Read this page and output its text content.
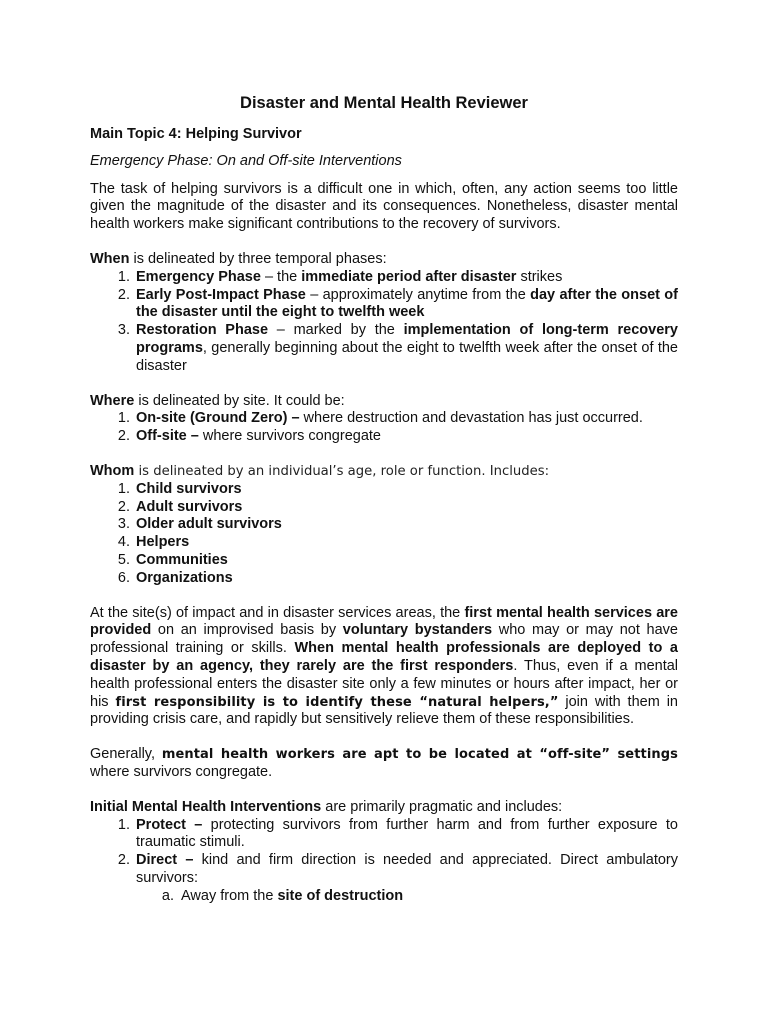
Disaster and Mental Health Reviewer
Main Topic 4: Helping Survivor
Emergency Phase: On and Off-site Interventions

The task of helping survivors is a difficult one in which, often, any action seems too little given the magnitude of the disaster and its consequences. Nonetheless, disaster mental health workers make significant contributions to the recovery of survivors.

When is delineated by three temporal phases:

1. Emergency Phase – the immediate period after disaster strikes
2. Early Post-Impact Phase – approximately anytime from the day after the onset of the disaster until the eight to twelfth week
3. Restoration Phase – marked by the implementation of long-term recovery programs, generally beginning about the eight to twelfth week after the onset of the disaster

Where is delineated by site. It could be:

1. On-site (Ground Zero) – where destruction and devastation has just occurred.
2. Off-site – where survivors congregate

Whom is delineated by an individual’s age, role or function. Includes:

1. Child survivors
2. Adult survivors
3. Older adult survivors
4. Helpers
5. Communities
6. Organizations

At the site(s) of impact and in disaster services areas, the first mental health services are provided on an improvised basis by voluntary bystanders who may or may not have professional training or skills. When mental health professionals are deployed to a disaster by an agency, they rarely are the first responders. Thus, even if a mental health professional enters the disaster site only a few minutes or hours after impact, her or his first responsibility is to identify these “natural helpers,” join with them in providing crisis care, and rapidly but sensitively relieve them of these responsibilities.

Generally, mental health workers are apt to be located at “off-site” settings where survivors congregate.

Initial Mental Health Interventions are primarily pragmatic and includes:

1. Protect – protecting survivors from further harm and from further exposure to traumatic stimuli.
2. Direct – kind and firm direction is needed and appreciated. Direct ambulatory survivors:
a. Away from the site of destruction
